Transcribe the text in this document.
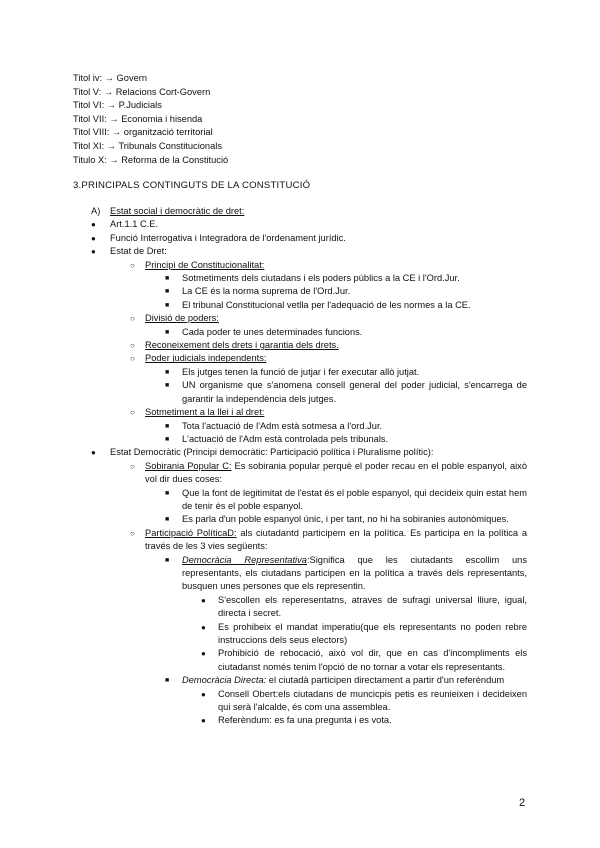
Titol iv: → Govern
Titol V: → Relacions Cort-Govern
Titol VI: → P.Judicials
Titol VII: → Economia i hisenda
Titol VIII: → organització territorial
Titol XI: → Tribunals Constitucionals
Titulo X: → Reforma de la Constitució
3.PRINCIPALS CONTINGUTS DE LA CONSTITUCIÓ
A) Estat social i democràtic de dret:
● Art.1.1 C.E.
● Funció Interrogativa i Integradora de l'ordenament jurídic.
● Estat de Dret:
○ Principi de Constitucionalitat:
■ Sotmetiments dels ciutadans i els poders públics a la CE i l'Ord.Jur.
■ La CE és la norma suprema de l'Ord.Jur.
■ El tribunal Constitucional vetlla per l'adequació de les normes a la CE.
○ Divisió de poders:
■ Cada poder te unes determinades funcions.
○ Reconeixement dels drets i garantia dels drets.
○ Poder judicials independents:
■ Els jutges tenen la funció de jutjar i fer executar allò jutjat.
■ UN organisme que s'anomena consell general del poder judicial, s'encarrega de garantir la independència dels jutges.
○ Sotmetiment a la llei i al dret:
■ Tota l'actuació de l'Adm està sotmesa a l'ord.Jur.
■ L'actuació de l'Adm està controlada pels tribunals.
● Estat Democràtic (Principi democràtic: Participació política i Pluralisme polític):
○ Sobirania Popular C: Es sobirania popular perquè el poder recau en el poble espanyol, això vol dir dues coses:
■ Que la font de legitimitat de l'estat és el poble espanyol, qui decideix quin estat hem de tenir és el poble espanyol.
■ Es parla d'un poble espanyol únic, i per tant, no hi ha sobiranies autonòmiques.
○ Participació PolíticaD: als ciutadantd participem en la política. Es participa en la política a través de les 3 vies següents:
■ Democràcia Representativa:Significa que les ciutadants escollim uns representants, els ciutadans participen en la política a través dels representants, busquen unes persones que els representin.
● S'escollen els reperesentatns, atraves de sufragi universal lliure, igual, directa i secret.
● Es prohibeix el mandat imperatiu(que els representants no poden rebre instruccions dels seus electors)
● Prohibició de rebocació, això vol dir, que en cas d'incompliments els ciutadanst només tenim l'opció de no tornar a votar els representants.
■ Democràcia Directa: el ciutadà participen directament a partir d'un referèndum
● Consell Obert:els ciutadans de muncicpis petis es reunieixen i decideixen qui serà l'alcalde, és com una assemblea.
● Referèndum: es fa una pregunta i es vota.
2
